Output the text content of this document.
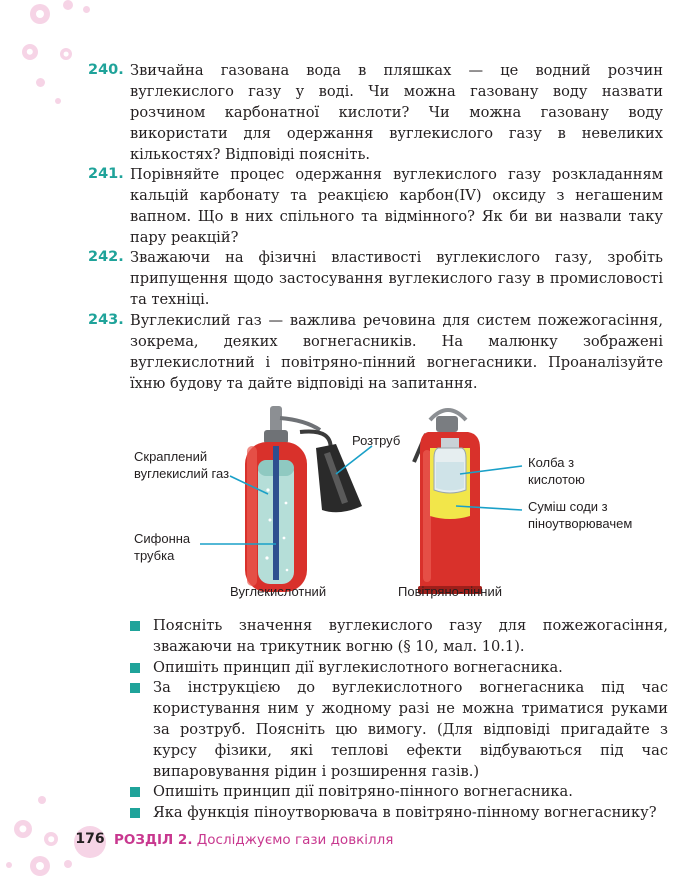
240. Звичайна газована вода в пляшках — це водний розчин вуглекислого газу у воді. Чи можна газовану воду назвати розчином карбонатної кислоти? Чи можна газовану воду використати для одержання вуглекислого газу в невеликих кількостях? Відповіді поясніть.

241. Порівняйте процес одержання вуглекислого газу розкладанням кальцій карбонату та реакцією карбон(IV) оксиду з негашеним вапном. Що в них спільного та відмінного? Як би ви назвали таку пару реакцій?

242. Зважаючи на фізичні властивості вуглекислого газу, зробіть припущення щодо застосування вуглекислого газу в промисловості та техніці.

243. Вуглекислий газ — важлива речовина для систем пожежогасіння, зокрема, деяких вогнегасників. На малюнку зображені вуглекислотний і повітряно-пінний вогнегасники. Проаналізуйте їхню будову та дайте відповіді на запитання.

Скраплений вуглекислий газ
Сифонна трубка
Розтруб
Колба з кислотою
Суміш соди з піноутворювачем
Вуглекислотний	Повітряно-пінний
Поясніть значення вуглекислого газу для пожежогасіння, зважаючи на трикутник вогню (§ 10, мал. 10.1).
Опишіть принцип дії вуглекислотного вогнегасника.
За інструкцією до вуглекислотного вогнегасника під час користування ним у жодному разі не можна триматися руками за розтруб. Поясніть цю вимогу. (Для відповіді пригадайте з курсу фізики, які теплові ефекти відбуваються під час випаровування рідин і розширення газів.)
Опишіть принцип дії повітряно-пінного вогнегасника.
Яка функція піноутворювача в повітряно-пінному вогнегаснику?
176 РОЗДІЛ 2. Досліджуємо гази довкілля
